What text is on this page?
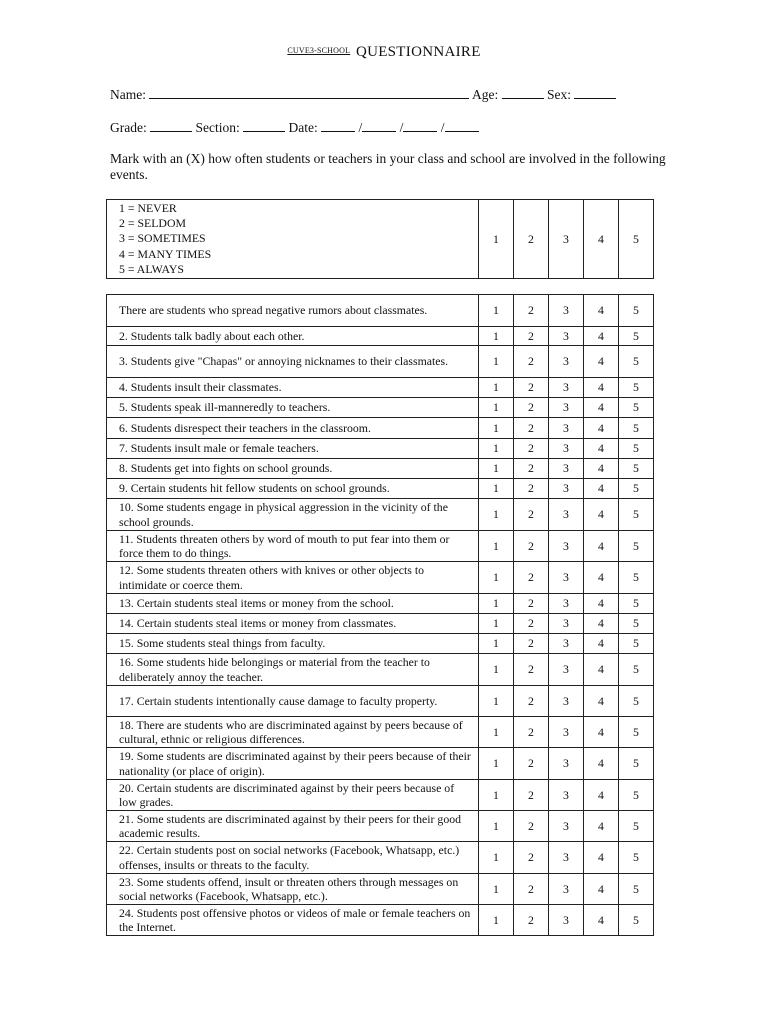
$^{CUVE3-SCHOOL}$ QUESTIONNAIRE
Name:	Age:	Sex:
Grade:	Section:	Date:	/	/	/
Mark with an (X) how often students or teachers in your class and school are involved in the following events.
1 = NEVER
2 = SELDOM
3 = SOMETIMES
4 = MANY TIMES
5 = ALWAYS
	1	2	3	4	5
There are students who spread negative rumors about classmates.	1	2	3	4	5
2. Students talk badly about each other.	1	2	3	4	5
3. Students give "Chapas" or annoying nicknames to their classmates.	1	2	3	4	5
4. Students insult their classmates.	1	2	3	4	5
5. Students speak ill-manneredly to teachers.	1	2	3	4	5
6. Students disrespect their teachers in the classroom.	1	2	3	4	5
7. Students insult male or female teachers.	1	2	3	4	5
8. Students get into fights on school grounds.	1	2	3	4	5
9. Certain students hit fellow students on school grounds.	1	2	3	4	5
10. Some students engage in physical aggression in the vicinity of the school grounds.	1	2	3	4	5
11. Students threaten others by word of mouth to put fear into them or force them to do things.	1	2	3	4	5
12. Some students threaten others with knives or other objects to intimidate or coerce them.	1	2	3	4	5
13. Certain students steal items or money from the school.	1	2	3	4	5
14. Certain students steal items or money from classmates.	1	2	3	4	5
15. Some students steal things from faculty.	1	2	3	4	5
16. Some students hide belongings or material from the teacher to deliberately annoy the teacher.	1	2	3	4	5
17. Certain students intentionally cause damage to faculty property.	1	2	3	4	5
18. There are students who are discriminated against by peers because of cultural, ethnic or religious differences.	1	2	3	4	5
19. Some students are discriminated against by their peers because of their nationality (or place of origin).	1	2	3	4	5
20. Certain students are discriminated against by their peers because of low grades.	1	2	3	4	5
21. Some students are discriminated against by their peers for their good academic results.	1	2	3	4	5
22. Certain students post on social networks (Facebook, Whatsapp, etc.) offenses, insults or threats to the faculty.	1	2	3	4	5
23. Some students offend, insult or threaten others through messages on social networks (Facebook, Whatsapp, etc.).	1	2	3	4	5
24. Students post offensive photos or videos of male or female teachers on the Internet.	1	2	3	4	5
